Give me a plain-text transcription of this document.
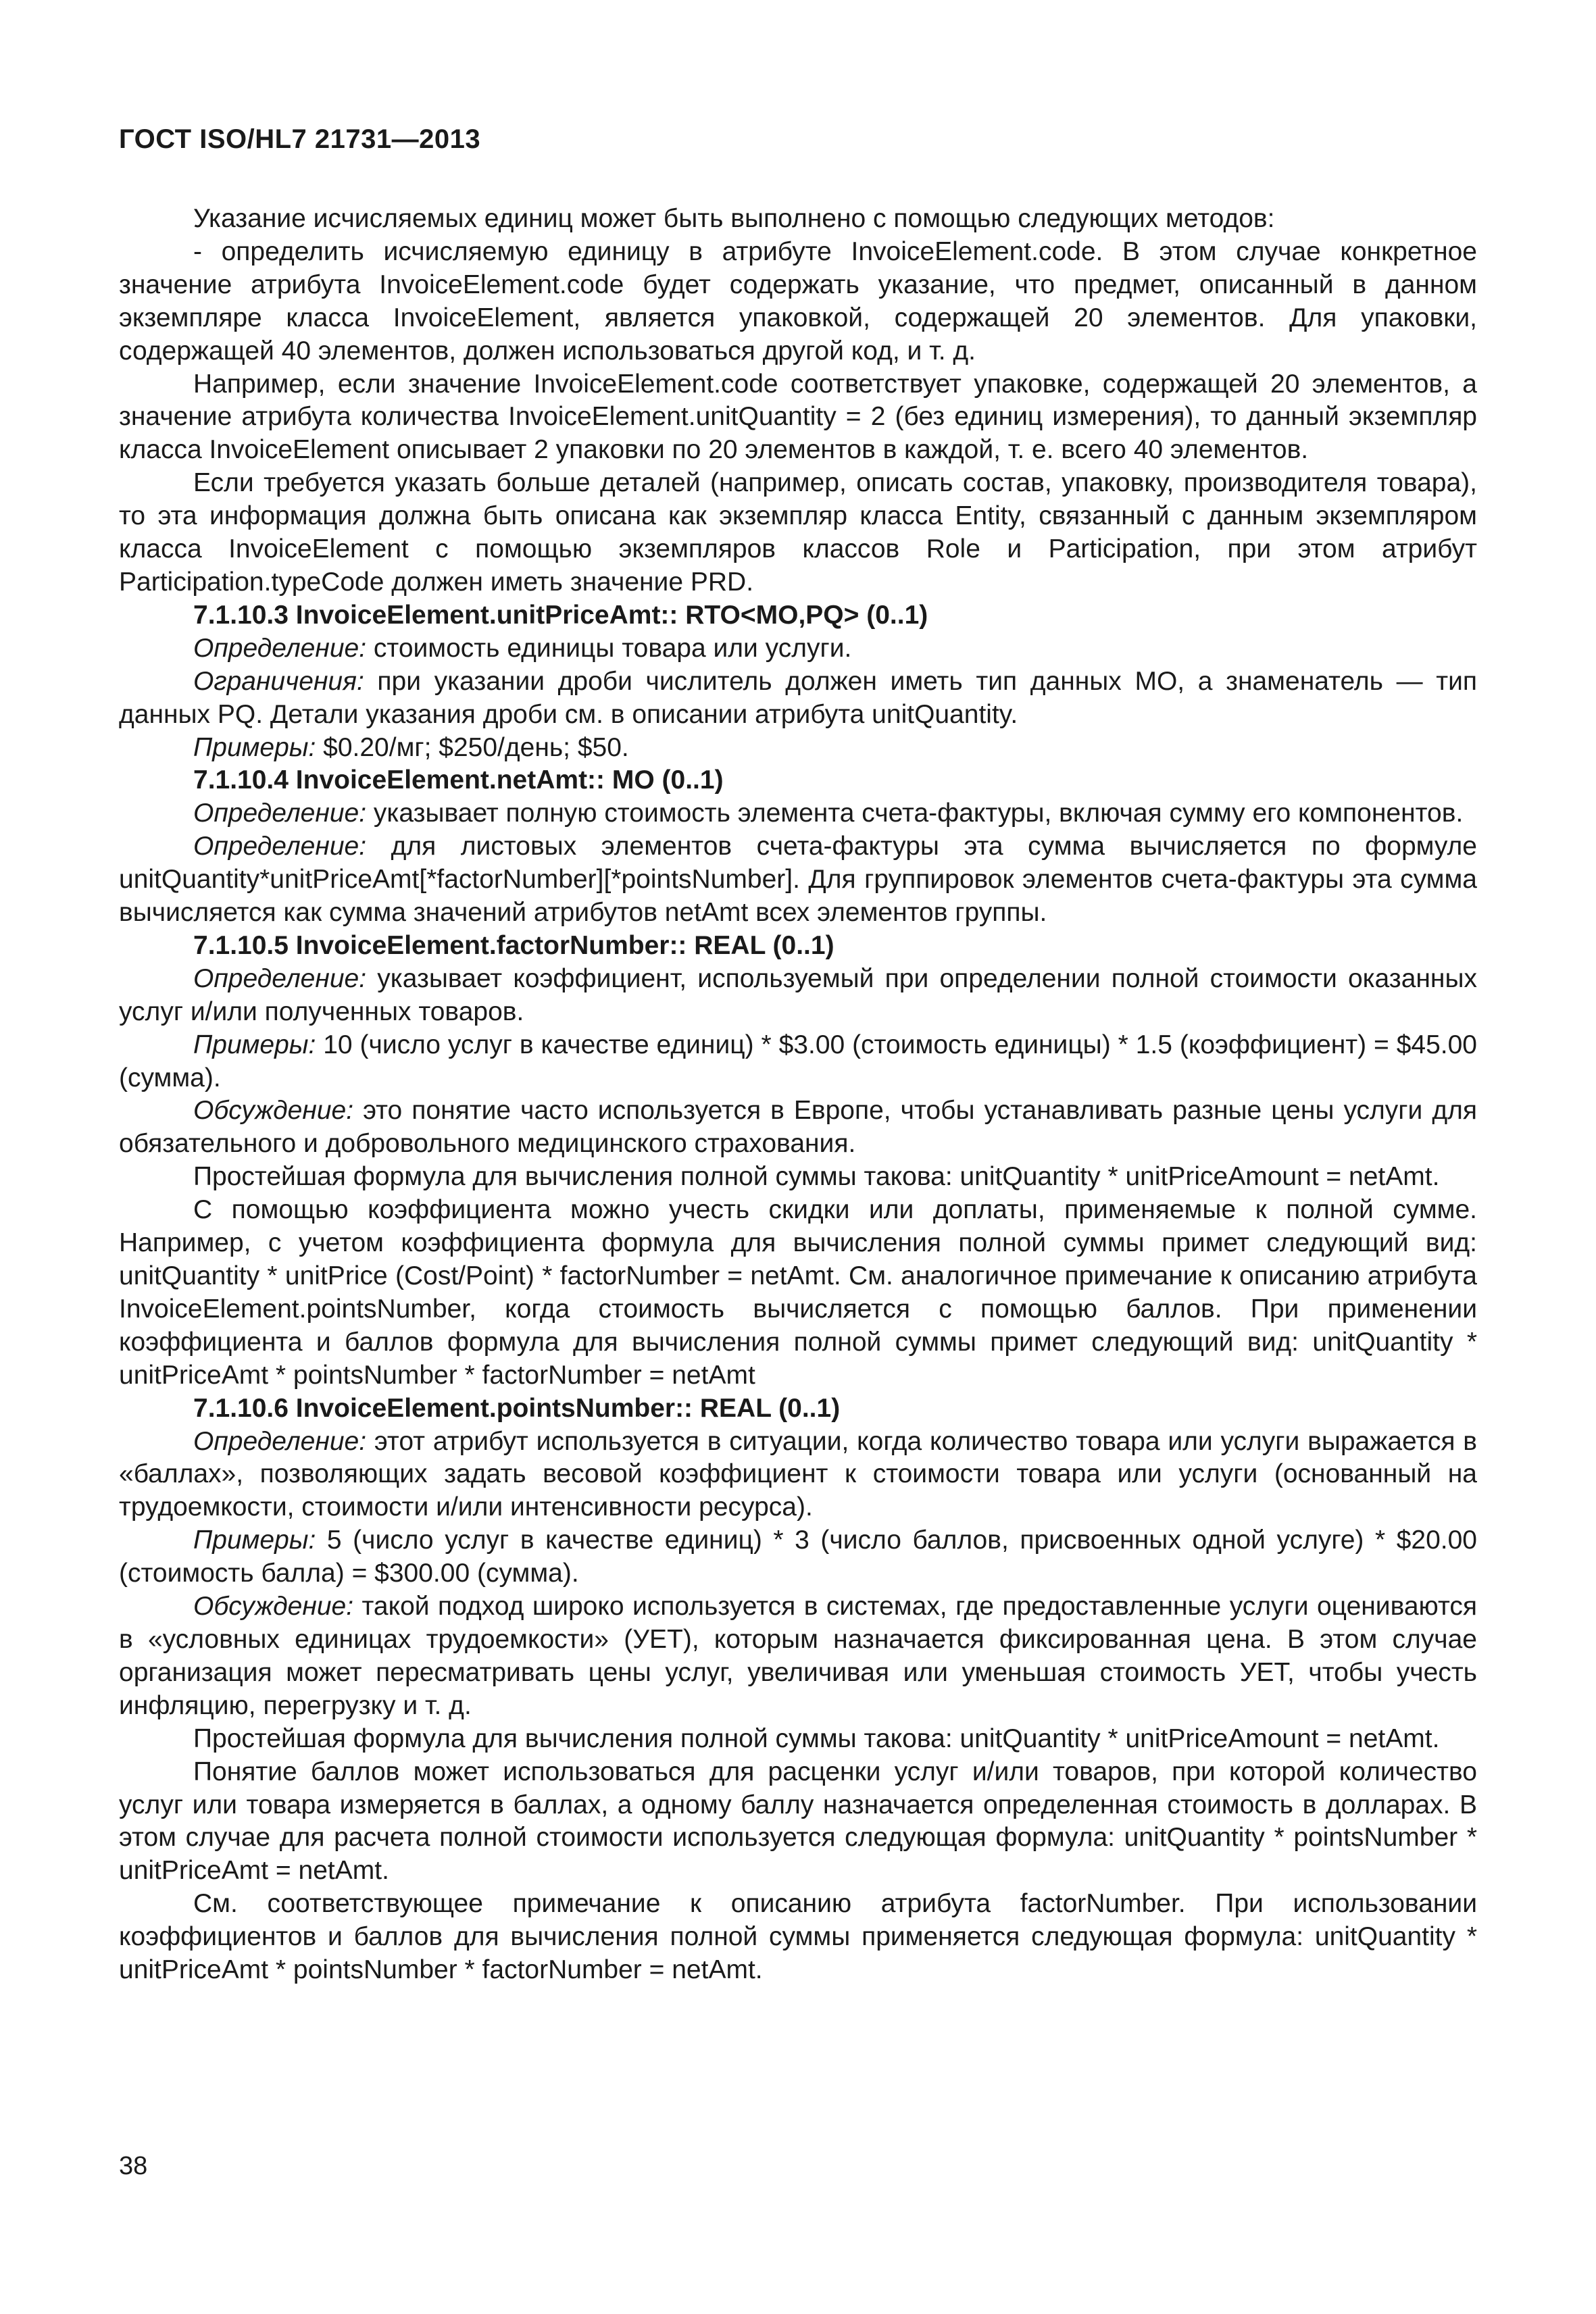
ГОСТ ISO/HL7 21731—2013

Указание исчисляемых единиц может быть выполнено с помощью следующих методов:

- определить исчисляемую единицу в атрибуте InvoiceElement.code. В этом случае конкретное значение атрибута InvoiceElement.code будет содержать указание, что предмет, описанный в данном экземпляре класса InvoiceElement, является упаковкой, содержащей 20 элементов. Для упаковки, содержащей 40 элементов, должен использоваться другой код, и т. д.

Например, если значение InvoiceElement.code соответствует упаковке, содержащей 20 элементов, а значение атрибута количества InvoiceElement.unitQuantity = 2 (без единиц измерения), то данный экземпляр класса InvoiceElement описывает 2 упаковки по 20 элементов в каждой, т. е. всего 40 элементов.

Если требуется указать больше деталей (например, описать состав, упаковку, производителя товара), то эта информация должна быть описана как экземпляр класса Entity, связанный с данным экземпляром класса InvoiceElement с помощью экземпляров классов Role и Participation, при этом атрибут Participation.typeCode должен иметь значение PRD.

7.1.10.3 InvoiceElement.unitPriceAmt:: RTO<MO,PQ> (0..1)

Определение: стоимость единицы товара или услуги.

Ограничения: при указании дроби числитель должен иметь тип данных MO, а знаменатель — тип данных PQ. Детали указания дроби см. в описании атрибута unitQuantity.

Примеры: $0.20/мг; $250/день; $50.

7.1.10.4 InvoiceElement.netAmt:: MO (0..1)

Определение: указывает полную стоимость элемента счета-фактуры, включая сумму его компонентов.

Определение: для листовых элементов счета-фактуры эта сумма вычисляется по формуле unitQuantity*unitPriceAmt[*factorNumber][*pointsNumber]. Для группировок элементов счета-фактуры эта сумма вычисляется как сумма значений атрибутов netAmt всех элементов группы.

7.1.10.5 InvoiceElement.factorNumber:: REAL (0..1)

Определение: указывает коэффициент, используемый при определении полной стоимости оказанных услуг и/или полученных товаров.

Примеры: 10 (число услуг в качестве единиц) * $3.00 (стоимость единицы) * 1.5 (коэффициент) = $45.00 (сумма).

Обсуждение: это понятие часто используется в Европе, чтобы устанавливать разные цены услуги для обязательного и добровольного медицинского страхования.

Простейшая формула для вычисления полной суммы такова: unitQuantity * unitPriceAmount = netAmt.

С помощью коэффициента можно учесть скидки или доплаты, применяемые к полной сумме. Например, с учетом коэффициента формула для вычисления полной суммы примет следующий вид: unitQuantity * unitPrice (Cost/Point) * factorNumber = netAmt. См. аналогичное примечание к описанию атрибута InvoiceElement.pointsNumber, когда стоимость вычисляется с помощью баллов. При применении коэффициента и баллов формула для вычисления полной суммы примет следующий вид: unitQuantity * unitPriceAmt * pointsNumber * factorNumber = netAmt

7.1.10.6 InvoiceElement.pointsNumber:: REAL (0..1)

Определение: этот атрибут используется в ситуации, когда количество товара или услуги выражается в «баллах», позволяющих задать весовой коэффициент к стоимости товара или услуги (основанный на трудоемкости, стоимости и/или интенсивности ресурса).

Примеры: 5 (число услуг в качестве единиц) * 3 (число баллов, присвоенных одной услуге) * $20.00 (стоимость балла) = $300.00 (сумма).

Обсуждение: такой подход широко используется в системах, где предоставленные услуги оцениваются в «условных единицах трудоемкости» (УЕТ), которым назначается фиксированная цена. В этом случае организация может пересматривать цены услуг, увеличивая или уменьшая стоимость УЕТ, чтобы учесть инфляцию, перегрузку и т. д.

Простейшая формула для вычисления полной суммы такова: unitQuantity * unitPriceAmount = netAmt.

Понятие баллов может использоваться для расценки услуг и/или товаров, при которой количество услуг или товара измеряется в баллах, а одному баллу назначается определенная стоимость в долларах. В этом случае для расчета полной стоимости используется следующая формула: unitQuantity * pointsNumber * unitPriceAmt = netAmt.

См. соответствующее примечание к описанию атрибута factorNumber. При использовании коэффициентов и баллов для вычисления полной суммы применяется следующая формула: unitQuantity * unitPriceAmt * pointsNumber * factorNumber = netAmt.

38
